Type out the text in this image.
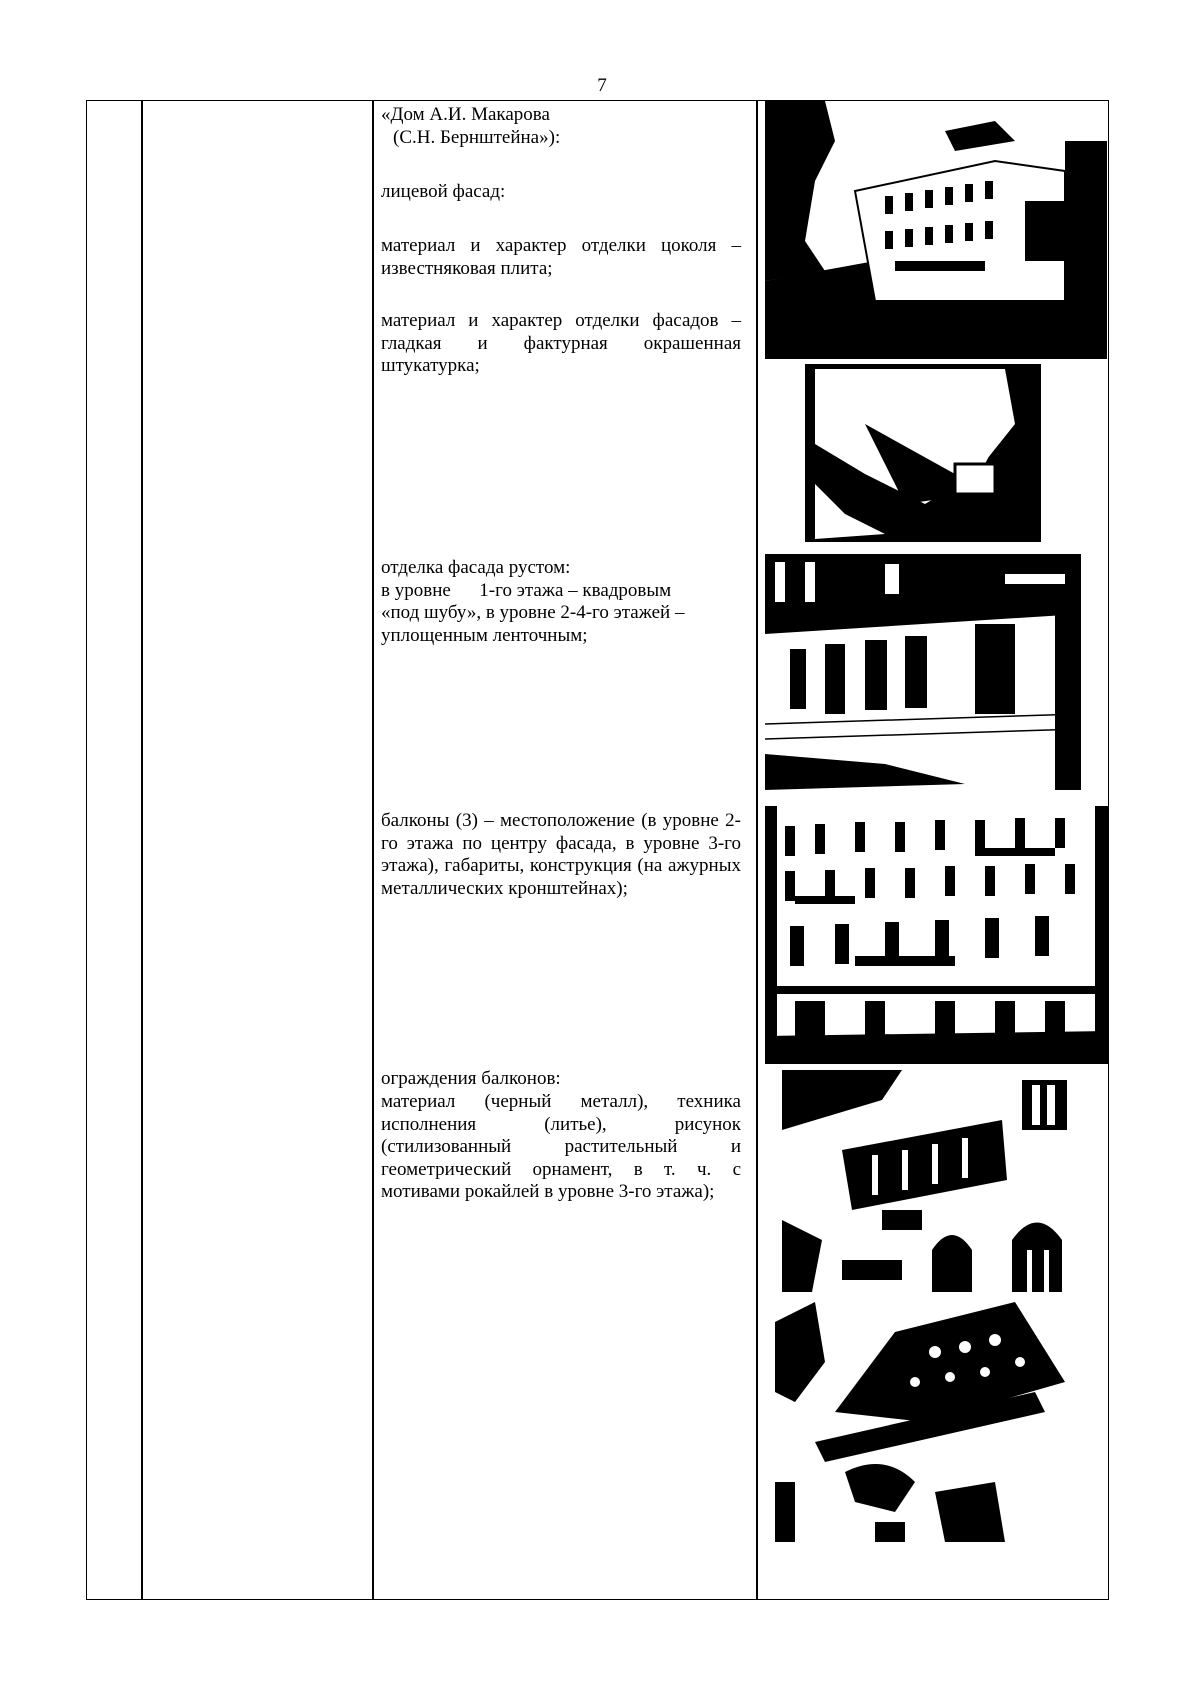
7
«Дом А.И. Макарова
(С.Н. Бернштейна»):
лицевой фасад:
материал и характер отделки цоколя – известняковая плита;
материал и характер отделки фасадов – гладкая и фактурная окрашенная штукатурка;
отделка фасада рустом:
в уровне      1-го этажа – квадровым
«под шубу», в уровне 2-4-го этажей –
уплощенным ленточным;
балконы (3) – местоположение (в уровне 2-го этажа по центру фасада, в уровне 3-го этажа), габариты, конструкция (на ажурных металлических кронштейнах);
ограждения балконов:
материал (черный металл), техника исполнения (литье), рисунок (стилизованный растительный и геометрический орнамент, в т. ч. с мотивами рокайлей в уровне 3-го этажа);
